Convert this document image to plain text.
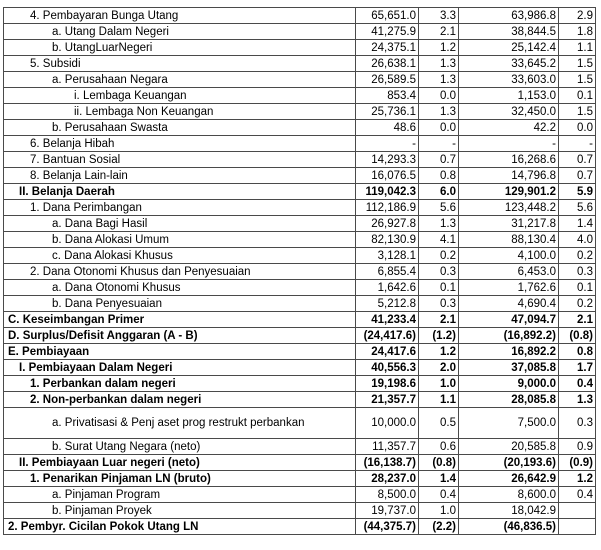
4. Pembayaran Bunga Utang	65,651.0	3.3	63,986.8	2.9
a. Utang Dalam Negeri	41,275.9	2.1	38,844.5	1.8
b. UtangLuarNegeri	24,375.1	1.2	25,142.4	1.1
5. Subsidi	26,638.1	1.3	33,645.2	1.5
a. Perusahaan Negara	26,589.5	1.3	33,603.0	1.5
i. Lembaga Keuangan	853.4	0.0	1,153.0	0.1
ii. Lembaga Non Keuangan	25,736.1	1.3	32,450.0	1.5
b. Perusahaan Swasta	48.6	0.0	42.2	0.0
6. Belanja Hibah	-	-	-	-
7. Bantuan Sosial	14,293.3	0.7	16,268.6	0.7
8. Belanja Lain-lain	16,076.5	0.8	14,796.8	0.7
II. Belanja Daerah	119,042.3	6.0	129,901.2	5.9
1. Dana Perimbangan	112,186.9	5.6	123,448.2	5.6
a. Dana Bagi Hasil	26,927.8	1.3	31,217.8	1.4
b. Dana Alokasi Umum	82,130.9	4.1	88,130.4	4.0
c. Dana Alokasi Khusus	3,128.1	0.2	4,100.0	0.2
2. Dana Otonomi Khusus dan Penyesuaian	6,855.4	0.3	6,453.0	0.3
a. Dana Otonomi Khusus	1,642.6	0.1	1,762.6	0.1
b. Dana Penyesuaian	5,212.8	0.3	4,690.4	0.2
C. Keseimbangan Primer	41,233.4	2.1	47,094.7	2.1
D. Surplus/Defisit Anggaran (A - B)	(24,417.6)	(1.2)	(16,892.2)	(0.8)
E. Pembiayaan	24,417.6	1.2	16,892.2	0.8
I. Pembiayaan Dalam Negeri	40,556.3	2.0	37,085.8	1.7
1. Perbankan dalam negeri	19,198.6	1.0	9,000.0	0.4
2. Non-perbankan dalam negeri	21,357.7	1.1	28,085.8	1.3
a. Privatisasi & Penj aset prog restrukt perbankan	10,000.0	0.5	7,500.0	0.3
b. Surat Utang Negara (neto)	11,357.7	0.6	20,585.8	0.9
II. Pembiayaan Luar negeri (neto)	(16,138.7)	(0.8)	(20,193.6)	(0.9)
1. Penarikan Pinjaman LN (bruto)	28,237.0	1.4	26,642.9	1.2
a. Pinjaman Program	8,500.0	0.4	8,600.0	0.4
b. Pinjaman Proyek	19,737.0	1.0	18,042.9	
2. Pembyr. Cicilan Pokok Utang LN	(44,375.7)	(2.2)	(46,836.5)	
